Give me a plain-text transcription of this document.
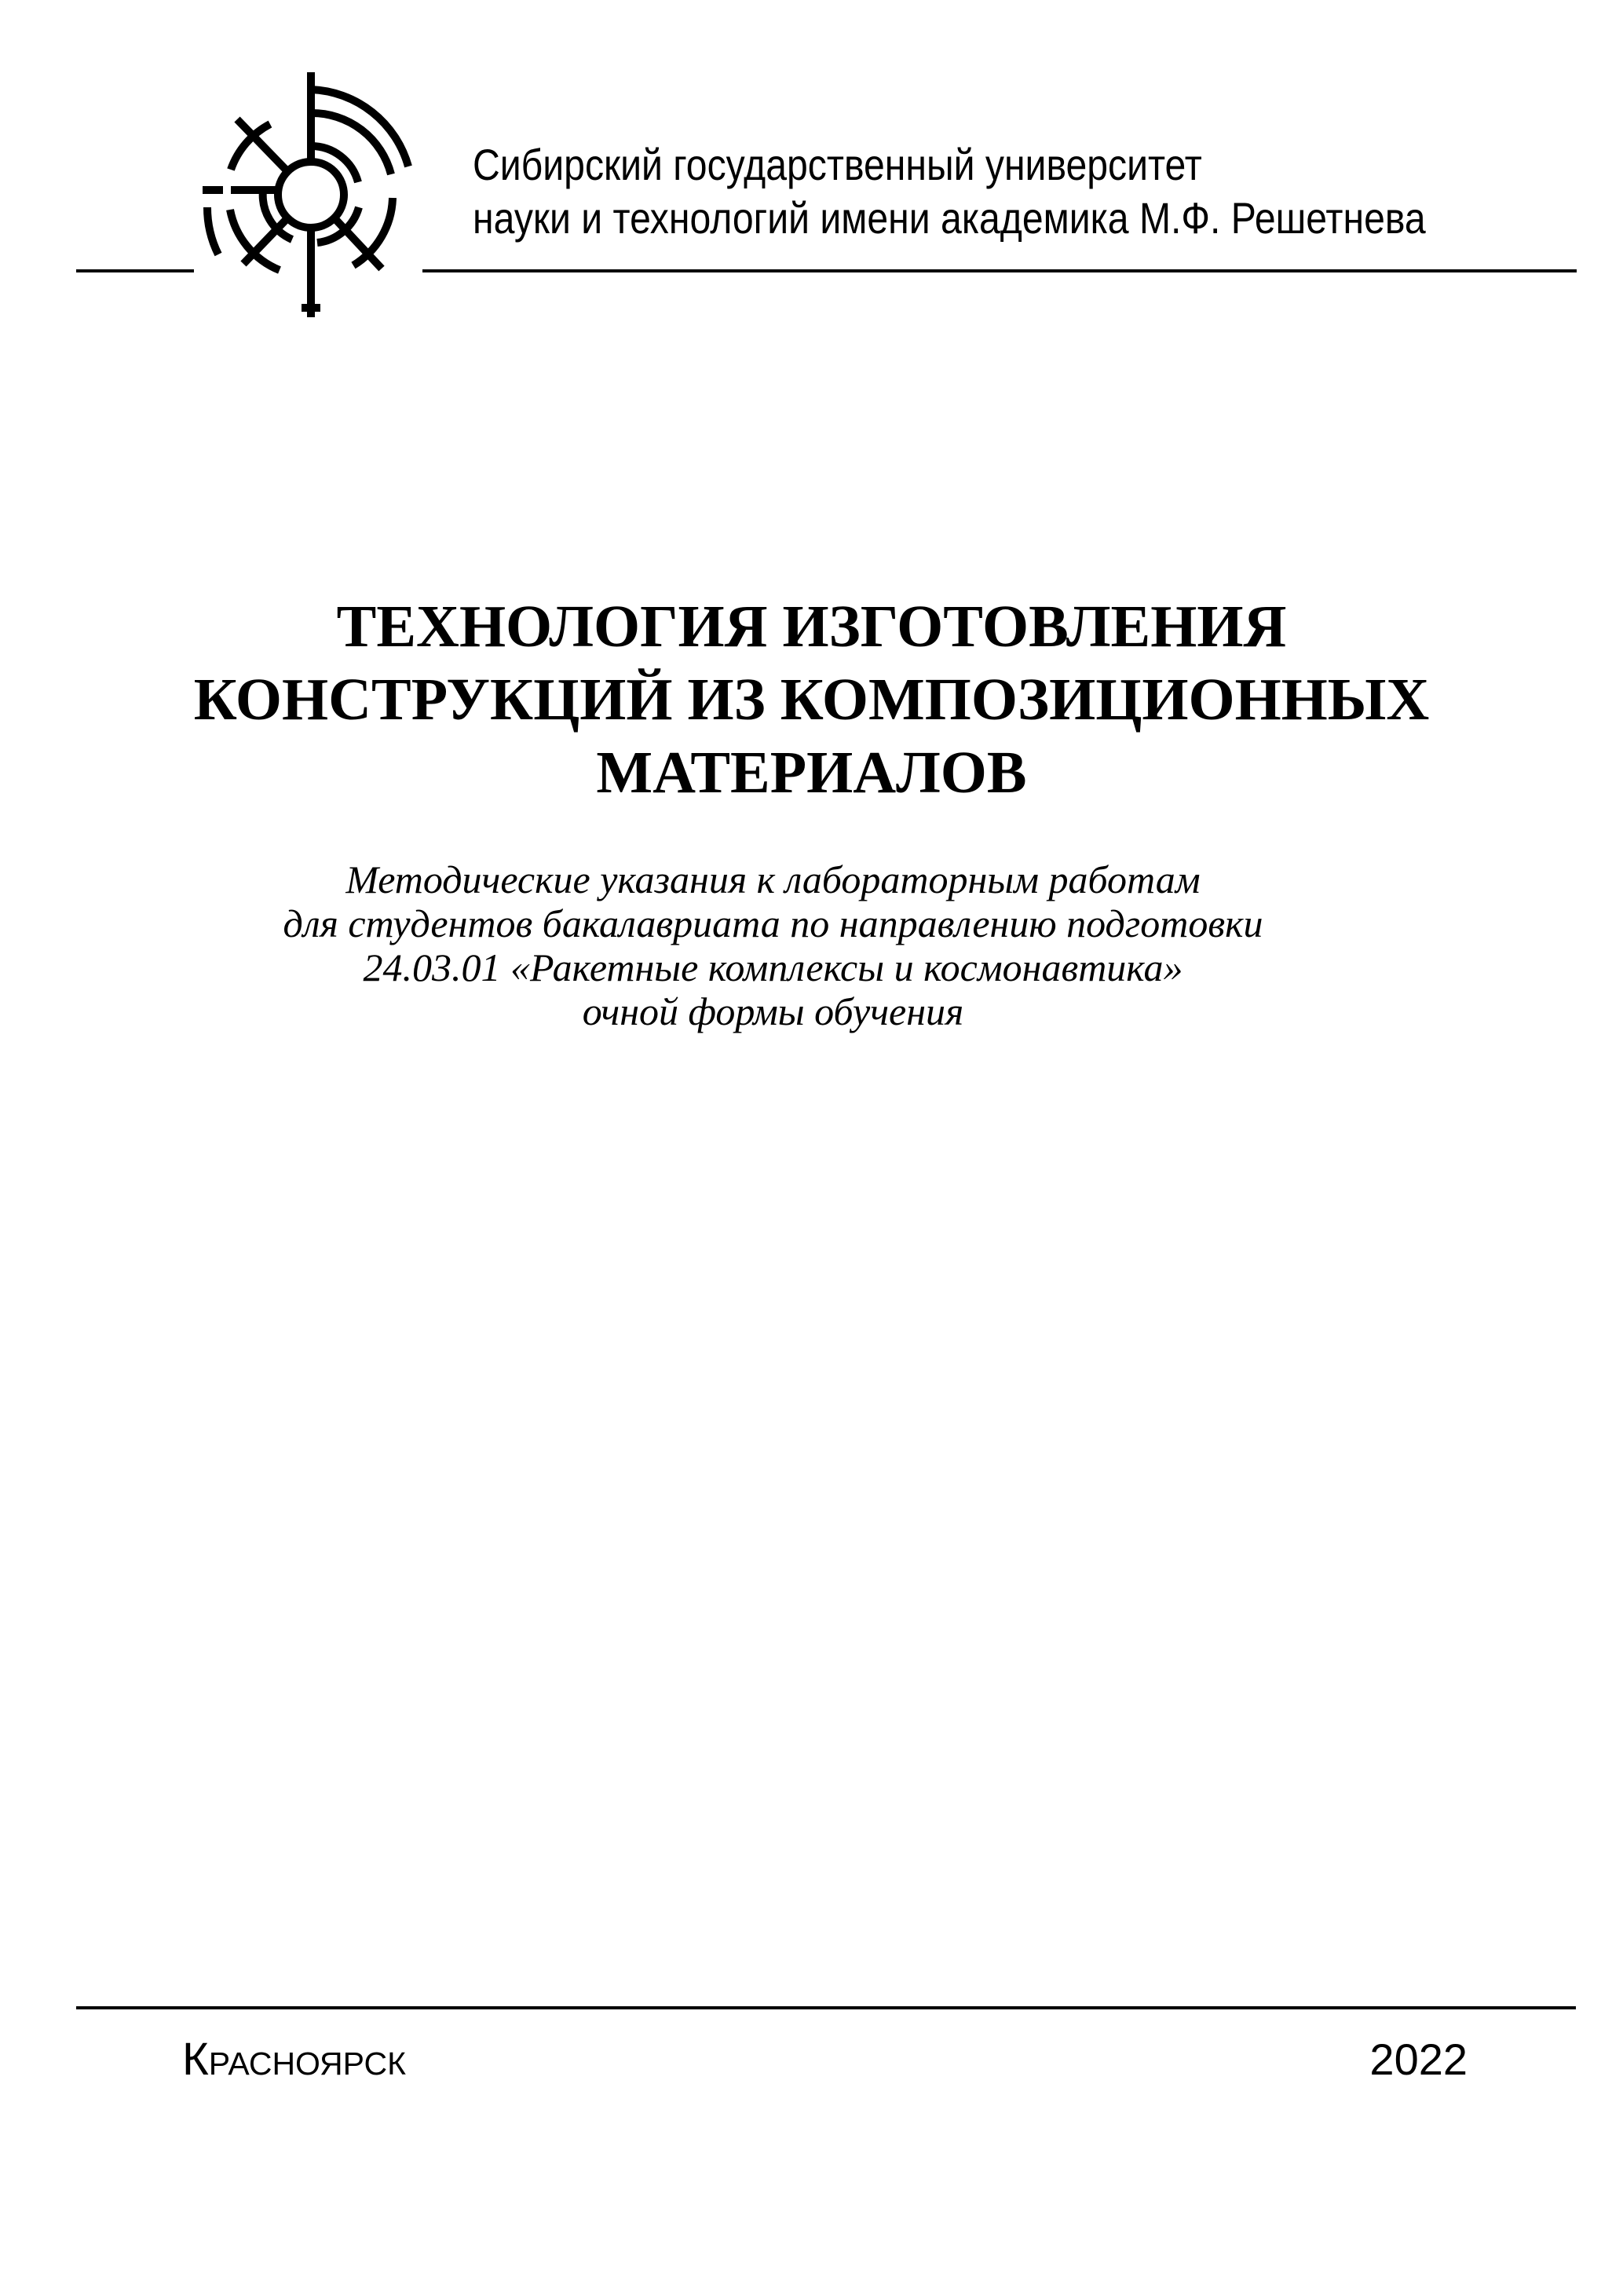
Сибирский государственный университет
науки и технологий имени академика М.Ф. Решетнева
ТЕХНОЛОГИЯ ИЗГОТОВЛЕНИЯ
КОНСТРУКЦИЙ ИЗ КОМПОЗИЦИОННЫХ
МАТЕРИАЛОВ
Методические указания к лабораторным работам
для студентов бакалавриата по направлению подготовки
24.03.01 «Ракетные комплексы и космонавтика»
очной формы обучения
Красноярск	2022
